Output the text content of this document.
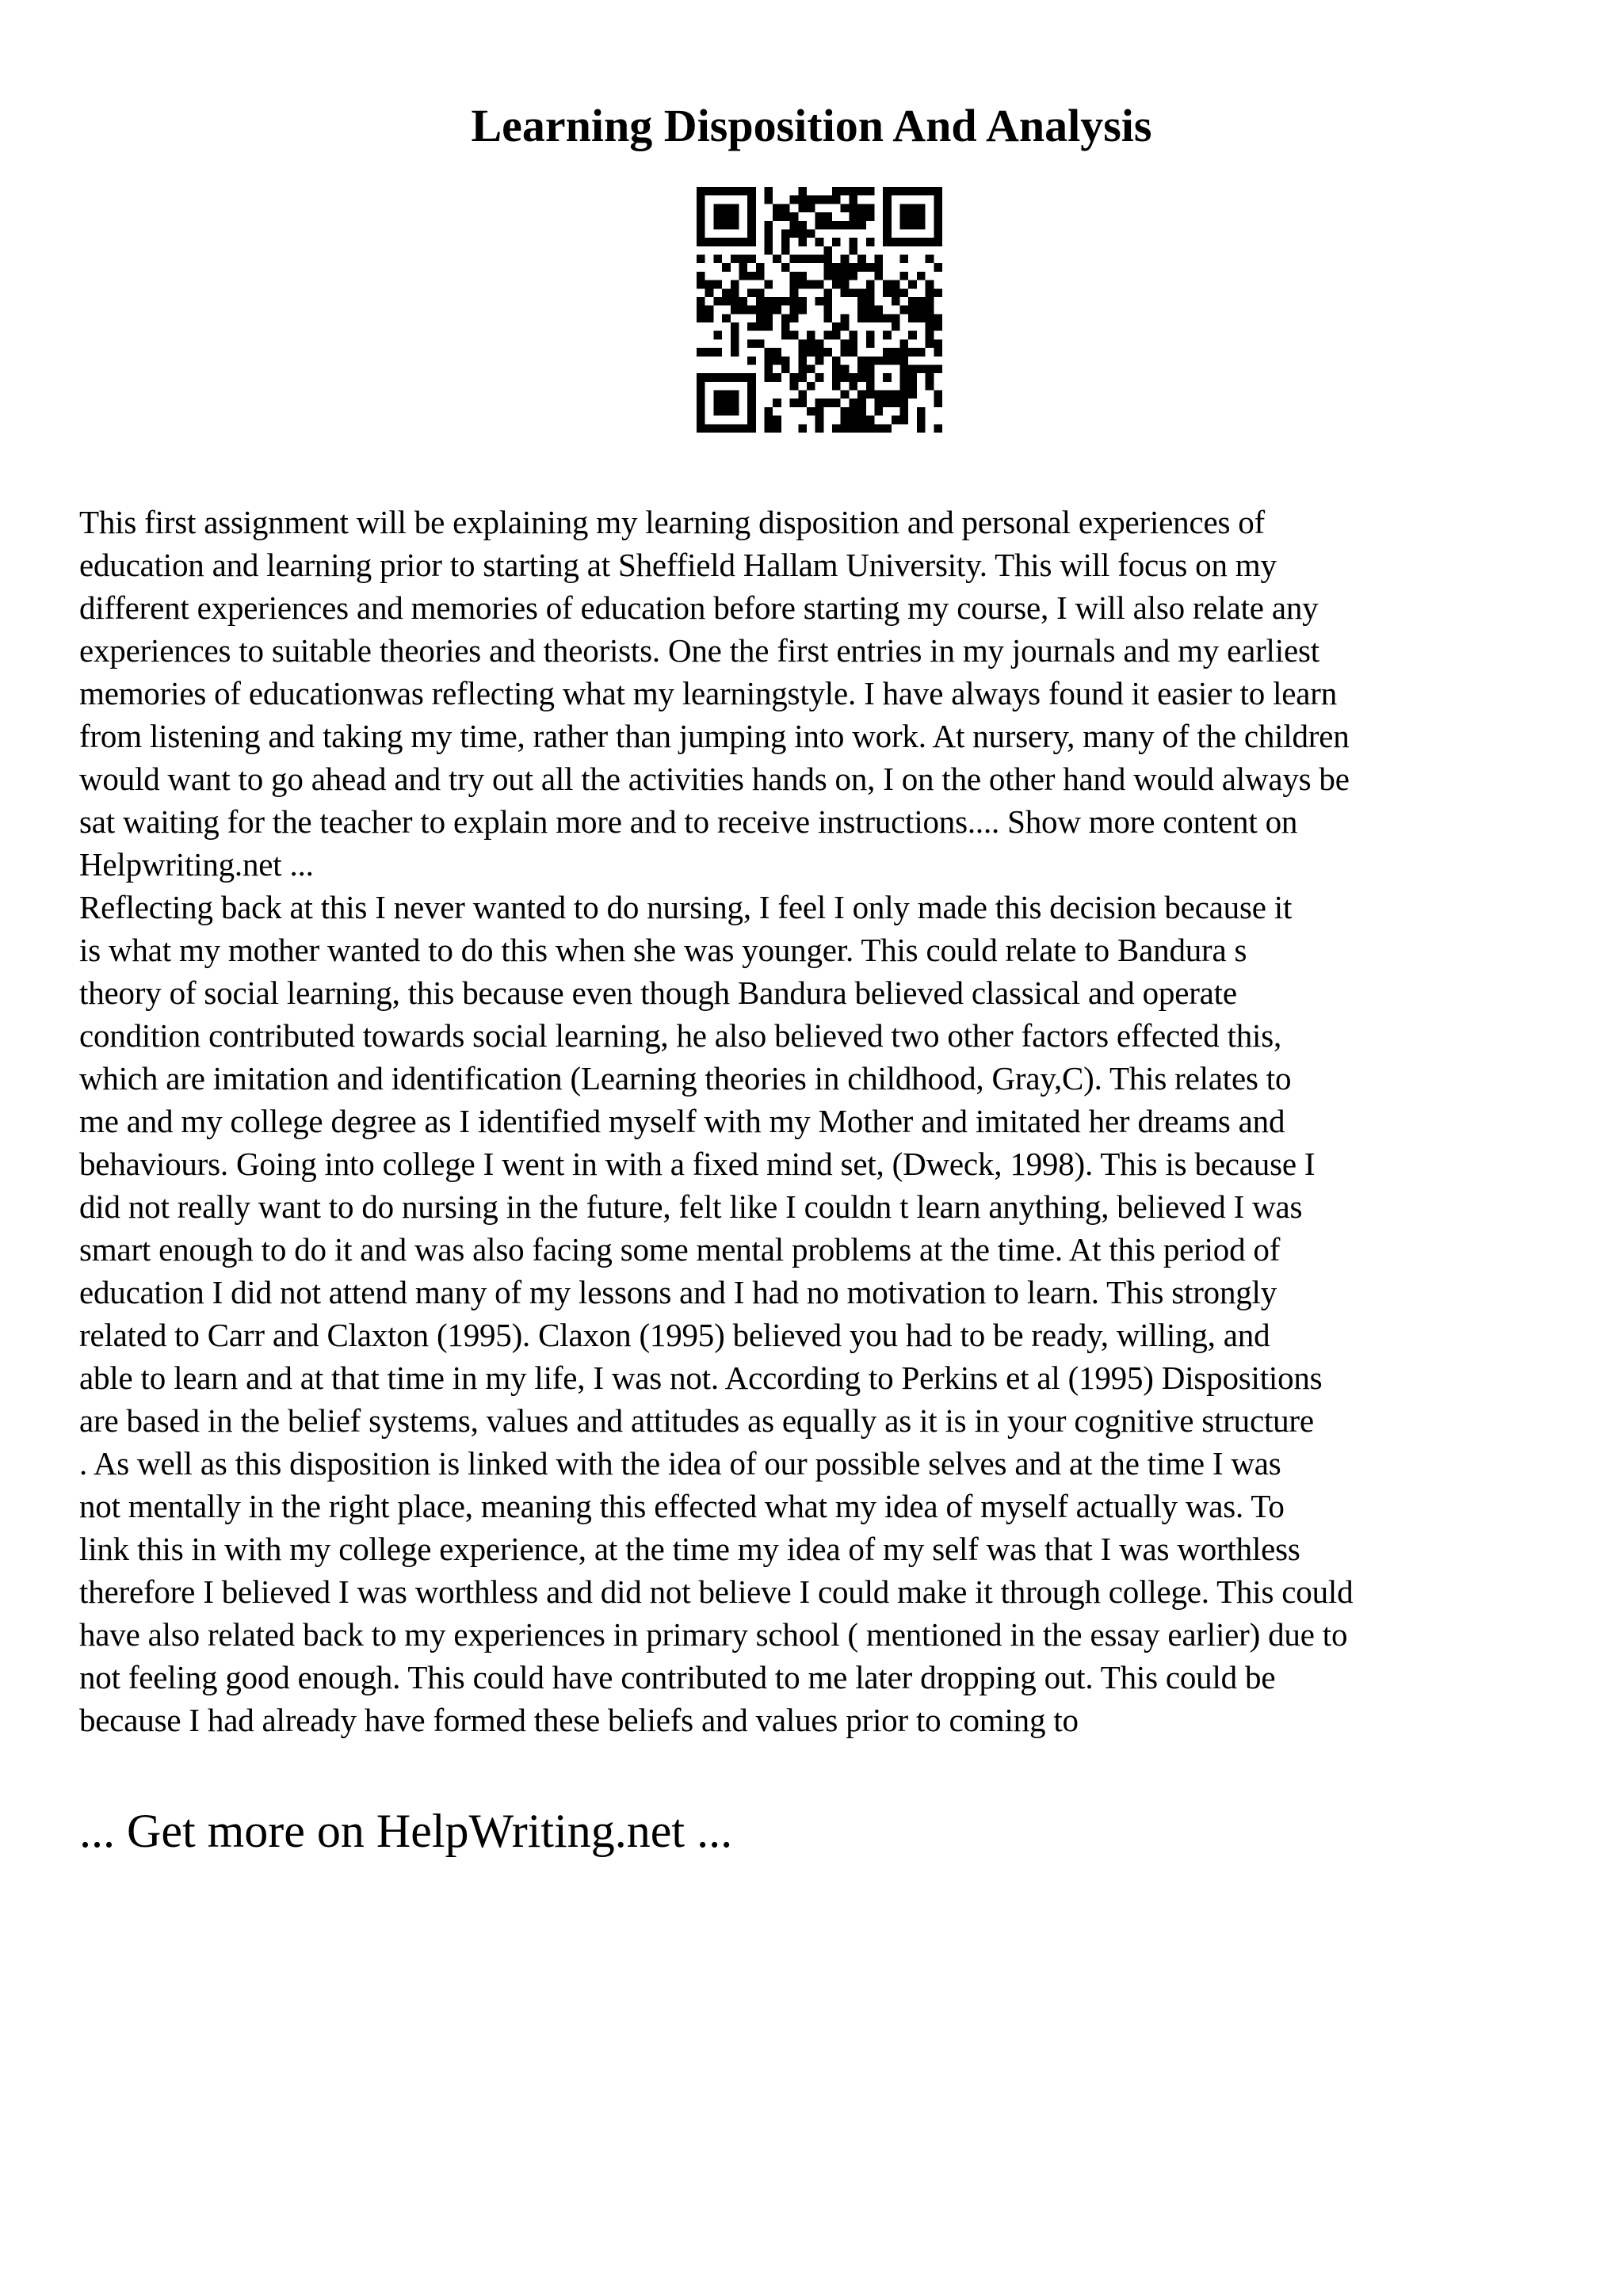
Learning Disposition And Analysis
This first assignment will be explaining my learning disposition and personal experiences of
education and learning prior to starting at Sheffield Hallam University. This will focus on my
different experiences and memories of education before starting my course, I will also relate any
experiences to suitable theories and theorists. One the first entries in my journals and my earliest
memories of educationwas reflecting what my learningstyle. I have always found it easier to learn
from listening and taking my time, rather than jumping into work. At nursery, many of the children
would want to go ahead and try out all the activities hands on, I on the other hand would always be
sat waiting for the teacher to explain more and to receive instructions.... Show more content on
Helpwriting.net ...
Reflecting back at this I never wanted to do nursing, I feel I only made this decision because it
is what my mother wanted to do this when she was younger. This could relate to Bandura s
theory of social learning, this because even though Bandura believed classical and operate
condition contributed towards social learning, he also believed two other factors effected this,
which are imitation and identification (Learning theories in childhood, Gray,C). This relates to
me and my college degree as I identified myself with my Mother and imitated her dreams and
behaviours. Going into college I went in with a fixed mind set, (Dweck, 1998). This is because I
did not really want to do nursing in the future, felt like I couldn t learn anything, believed I was
smart enough to do it and was also facing some mental problems at the time. At this period of
education I did not attend many of my lessons and I had no motivation to learn. This strongly
related to Carr and Claxton (1995). Claxon (1995) believed you had to be ready, willing, and
able to learn and at that time in my life, I was not. According to Perkins et al (1995) Dispositions
are based in the belief systems, values and attitudes as equally as it is in your cognitive structure
. As well as this disposition is linked with the idea of our possible selves and at the time I was
not mentally in the right place, meaning this effected what my idea of myself actually was. To
link this in with my college experience, at the time my idea of my self was that I was worthless
therefore I believed I was worthless and did not believe I could make it through college. This could
have also related back to my experiences in primary school ( mentioned in the essay earlier) due to
not feeling good enough. This could have contributed to me later dropping out. This could be
because I had already have formed these beliefs and values prior to coming to
... Get more on HelpWriting.net ...
